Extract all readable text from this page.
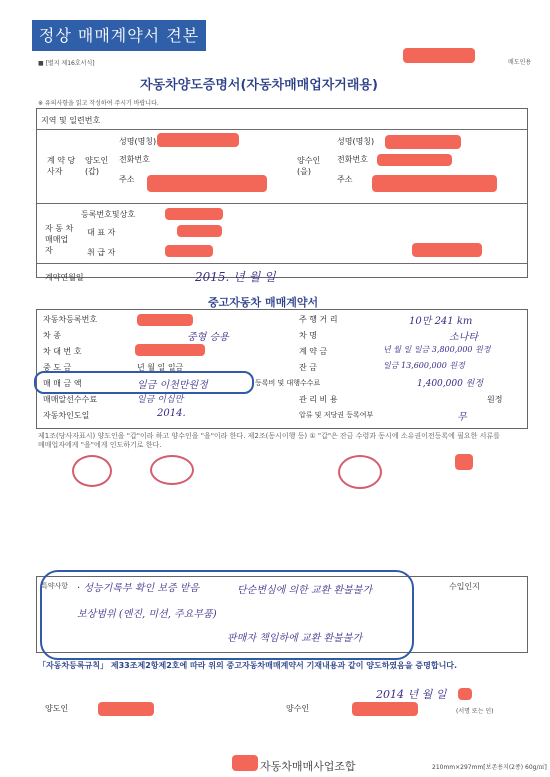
정상 매매계약서 견본
■ [별지 제16호서식]	매도인용
자동차양도증명서(자동차매매업자거래용)
※ 유의사항을 읽고 작성하여 주시기 바랍니다.
지역 및 일련번호
계 약 당사자
양도인 (갑)
성명(명칭)
전화번호
주소
양수인 (을)
성명(명칭)
전화번호
주소
자 동 차 매매업자
등록번호및상호
대 표 자
취 급 자
계약연월일	2015. 년 월 일
중고자동차 매매계약서
자동차등록번호	주 행 거 리	10만 241 km
차 종	중형 승용	차 명	소나타
차 대 번 호	계 약 금	년 월 일 일금 3,800,000 원정
중 도 금	년 월 일 일금	잔 금	일금 13,600,000 원정
매 매 금 액	일금 이천만원정	등록비 및 대행수수료	1,400,000 원정
매매알선수수료	일금 이십만	관 리 비 용	원정
자동차인도일	2014.	압류 및 저당권 등록여부	무
제1조(당사자표시) 양도인을 "갑"이라 하고 양수인을 "을"이라 한다. 제2조(동시이행 등) ① "갑"은 잔금 수령과 동시에 소유권이전등록에 필요한 서류를 매매업자에게 "을"에게 인도하기로 한다.
특약사항 · 성능기록부 확인 보증 받음	단순변심에 의한 교환 환불불가
보상범위 (엔진, 미션, 주요부품)
판매자 책임하에 교환 환불불가
수입인지
「자동차등록규칙」 제33조제2항제2호에 따라 위의 중고자동차매매계약서 기재내용과 같이 양도하였음을 증명합니다.
2014 년 월 일
양도인	양수인	(서명 또는 인)
자동차매매사업조합	210mm×297mm[보존용지(2종) 60g/㎡]
